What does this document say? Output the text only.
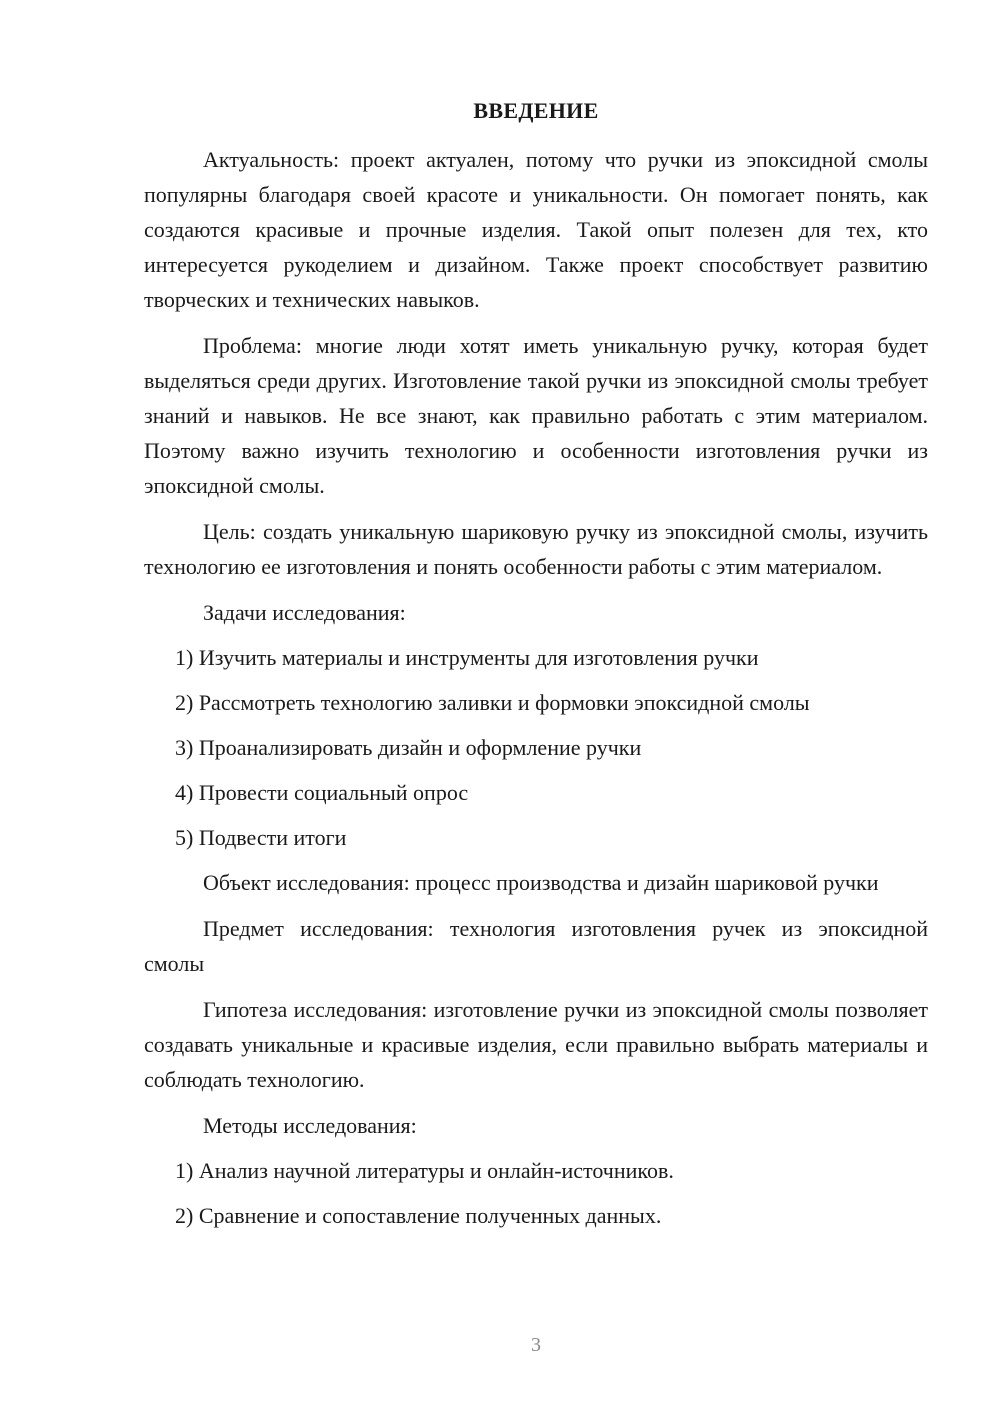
ВВЕДЕНИЕ

Актуальность: проект актуален, потому что ручки из эпоксидной смолы популярны благодаря своей красоте и уникальности. Он помогает понять, как создаются красивые и прочные изделия. Такой опыт полезен для тех, кто интересуется рукоделием и дизайном. Также проект способствует развитию творческих и технических навыков.

Проблема: многие люди хотят иметь уникальную ручку, которая будет выделяться среди других. Изготовление такой ручки из эпоксидной смолы требует знаний и навыков. Не все знают, как правильно работать с этим материалом. Поэтому важно изучить технологию и особенности изготовления ручки из эпоксидной смолы.

Цель: создать уникальную шариковую ручку из эпоксидной смолы, изучить технологию ее изготовления и понять особенности работы с этим материалом.

Задачи исследования:

1) Изучить материалы и инструменты для изготовления ручки

2) Рассмотреть технологию заливки и формовки эпоксидной смолы

3) Проанализировать дизайн и оформление ручки

4) Провести социальный опрос

5) Подвести итоги

Объект исследования: процесс производства и дизайн шариковой ручки

Предмет исследования: технология изготовления ручек из эпоксидной смолы

Гипотеза исследования: изготовление ручки из эпоксидной смолы позволяет создавать уникальные и красивые изделия, если правильно выбрать материалы и соблюдать технологию.

Методы исследования:

1) Анализ научной литературы и онлайн-источников.

2) Сравнение и сопоставление полученных данных.

3
